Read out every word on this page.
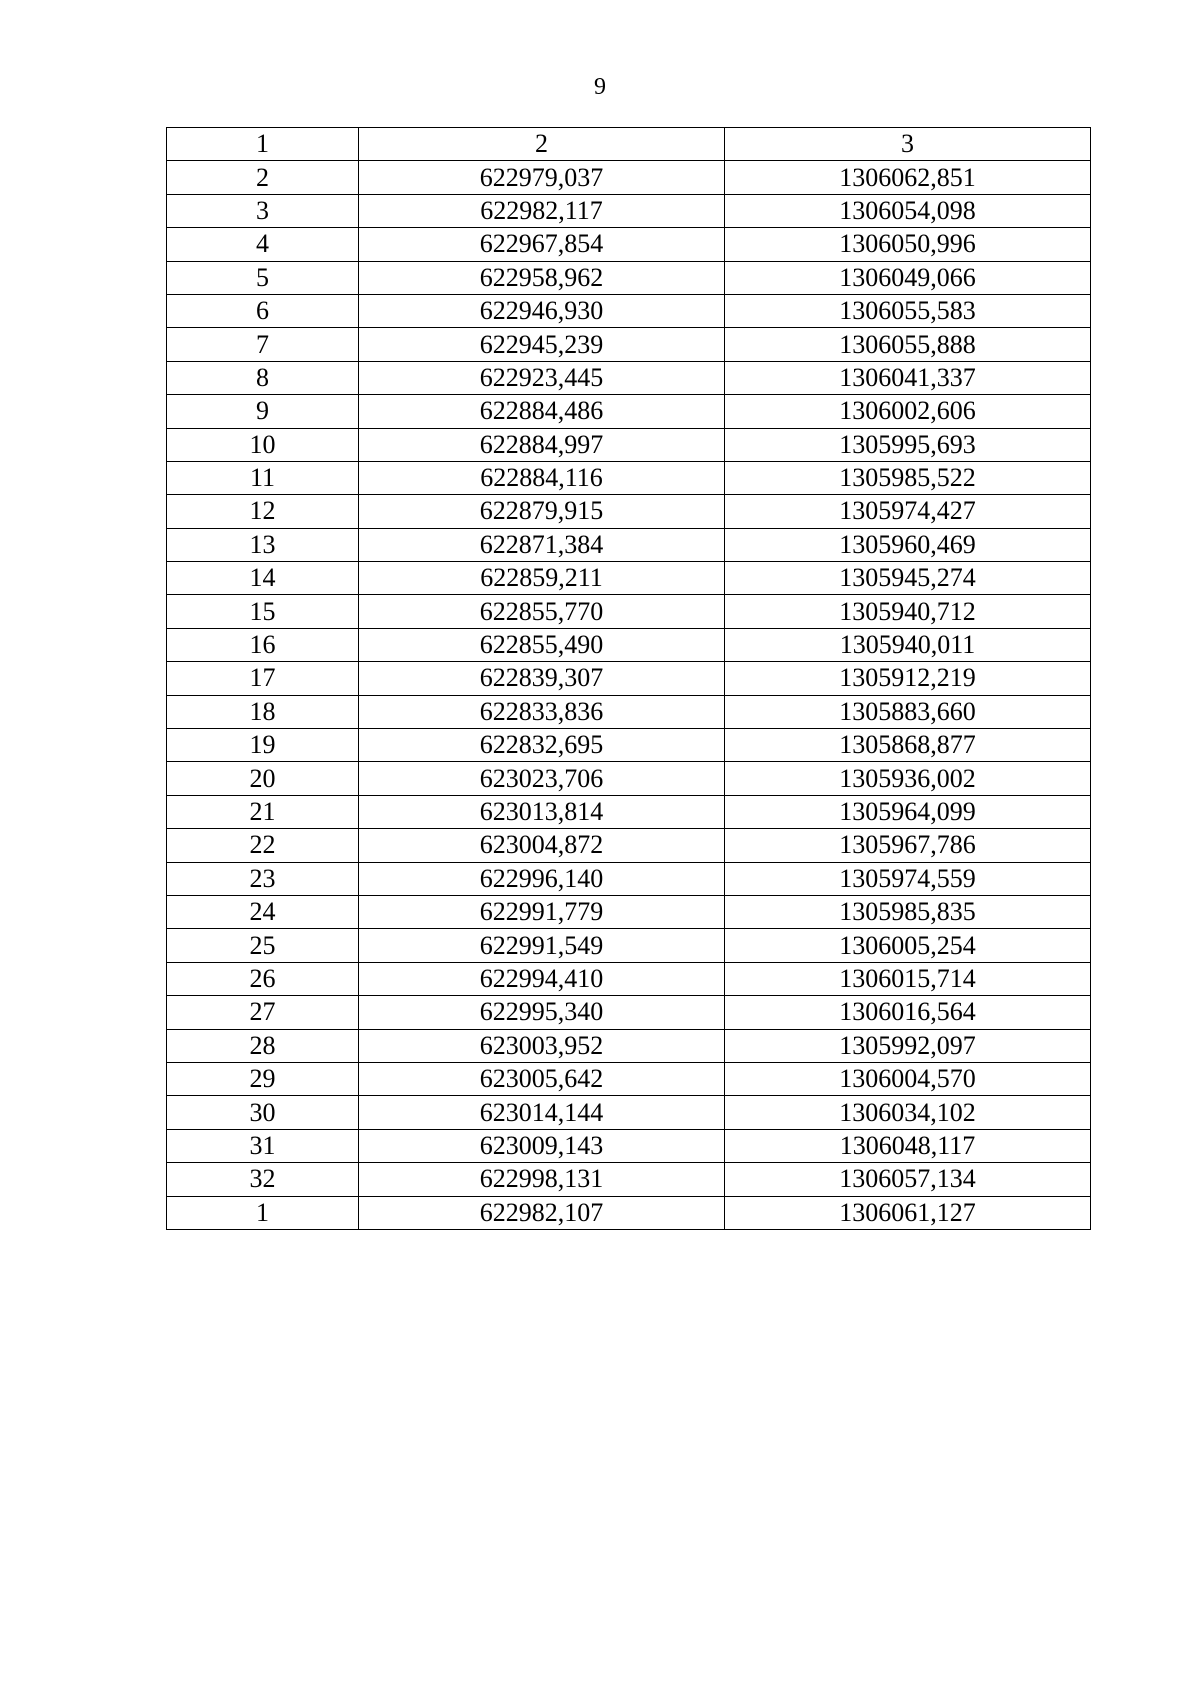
9
1	2	3
2	622979,037	1306062,851
3	622982,117	1306054,098
4	622967,854	1306050,996
5	622958,962	1306049,066
6	622946,930	1306055,583
7	622945,239	1306055,888
8	622923,445	1306041,337
9	622884,486	1306002,606
10	622884,997	1305995,693
11	622884,116	1305985,522
12	622879,915	1305974,427
13	622871,384	1305960,469
14	622859,211	1305945,274
15	622855,770	1305940,712
16	622855,490	1305940,011
17	622839,307	1305912,219
18	622833,836	1305883,660
19	622832,695	1305868,877
20	623023,706	1305936,002
21	623013,814	1305964,099
22	623004,872	1305967,786
23	622996,140	1305974,559
24	622991,779	1305985,835
25	622991,549	1306005,254
26	622994,410	1306015,714
27	622995,340	1306016,564
28	623003,952	1305992,097
29	623005,642	1306004,570
30	623014,144	1306034,102
31	623009,143	1306048,117
32	622998,131	1306057,134
1	622982,107	1306061,127
